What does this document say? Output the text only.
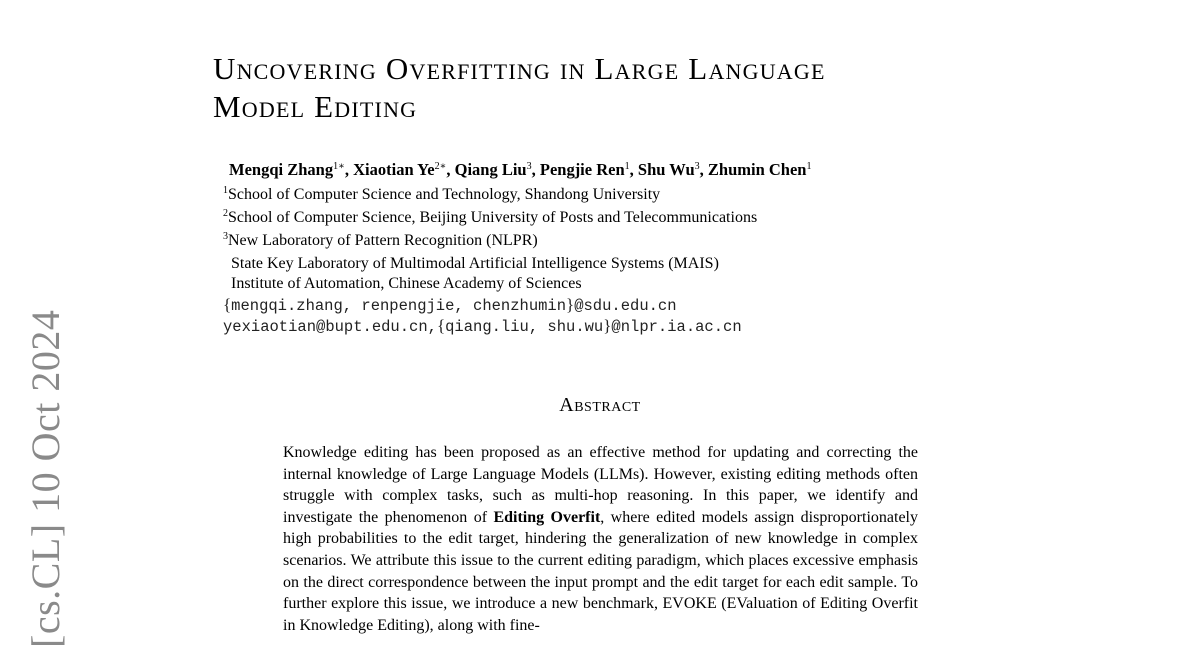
[cs.CL] 10 Oct 2024
Uncovering Overfitting in Large Language
Model Editing
Mengqi Zhang$^{1∗}$, Xiaotian $Ye^{2∗}$, Qiang Liu$^3$, Pengjie Ren$^1$, Shu Wu$^3$, Zhumin Chen$^1$
$^1$School of Computer Science and Technology, Shandong University
$^2$School of Computer Science, Beijing University of Posts and Telecommunications
$^3$New Laboratory of Pattern Recognition (NLPR)
State Key Laboratory of Multimodal Artificial Intelligence Systems (MAIS)
Institute of Automation, Chinese Academy of Sciences
{mengqi.zhang, renpengjie, chenzhumin}@sdu.edu.cn
yexiaotian@bupt.edu.cn,{qiang.liu, shu.wu}@nlpr.ia.ac.cn
Abstract

Knowledge editing has been proposed as an effective method for updating and correcting the internal knowledge of Large Language Models (LLMs). However, existing editing methods often struggle with complex tasks, such as multi-hop reasoning. In this paper, we identify and investigate the phenomenon of Editing Overfit, where edited models assign disproportionately high probabilities to the edit target, hindering the generalization of new knowledge in complex scenarios. We attribute this issue to the current editing paradigm, which places excessive emphasis on the direct correspondence between the input prompt and the edit target for each edit sample. To further explore this issue, we introduce a new benchmark, EVOKE (EValuation of Editing Overfit in Knowledge Editing), along with fine-
